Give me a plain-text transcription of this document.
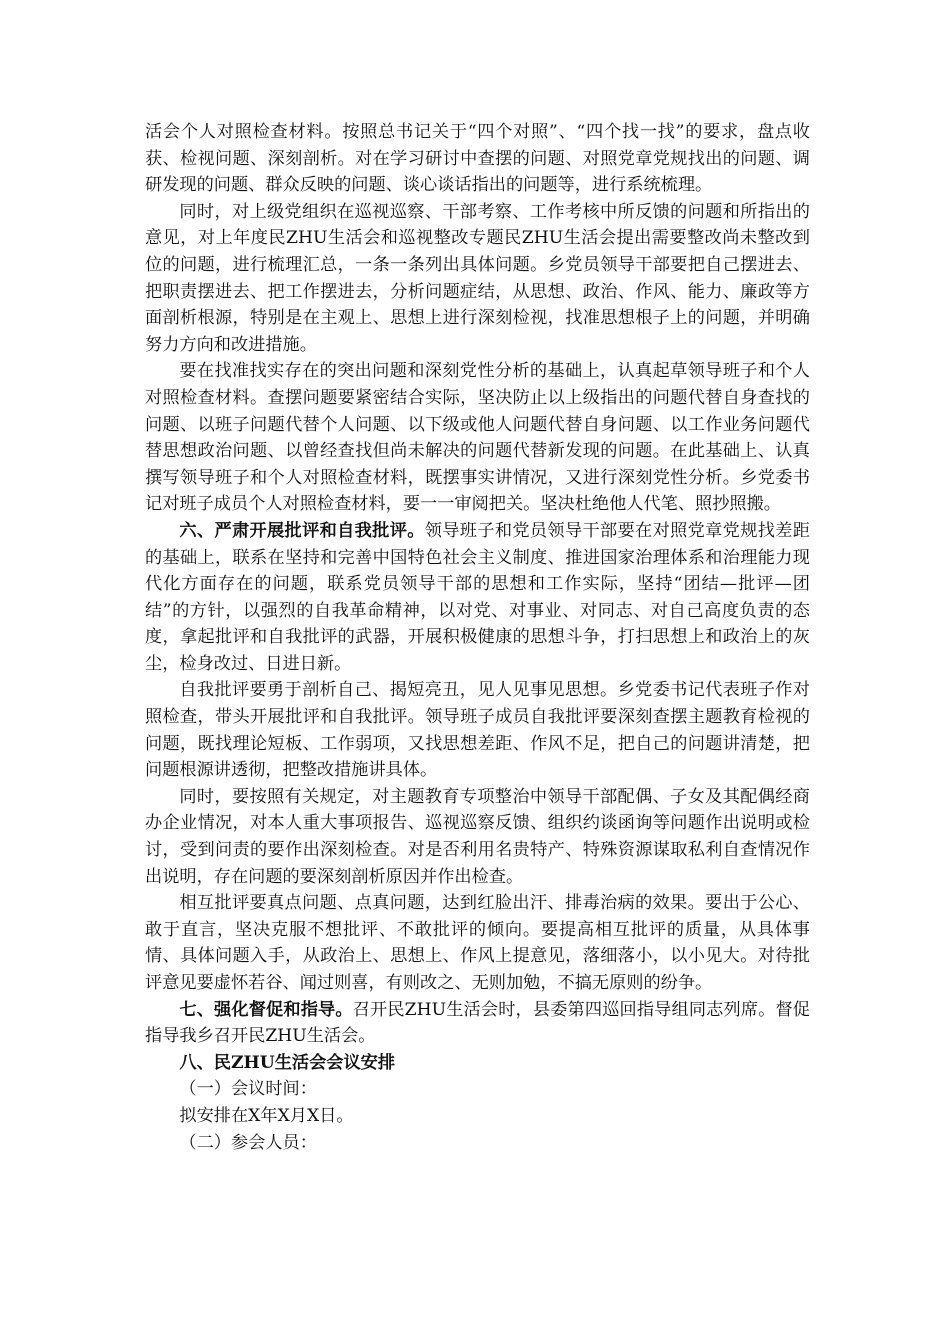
活会个人对照检查材料。按照总书记关于“四个对照”、“四个找一找”的要求，盘点收获、检视问题、深刻剖析。对在学习研讨中查摆的问题、对照党章党规找出的问题、调研发现的问题、群众反映的问题、谈心谈话指出的问题等，进行系统梳理。

同时，对上级党组织在巡视巡察、干部考察、工作考核中所反馈的问题和所指出的意见，对上年度民ZHU生活会和巡视整改专题民ZHU生活会提出需要整改尚未整改到位的问题，进行梳理汇总，一条一条列出具体问题。乡党员领导干部要把自己摆进去、把职责摆进去、把工作摆进去，分析问题症结，从思想、政治、作风、能力、廉政等方面剖析根源，特别是在主观上、思想上进行深刻检视，找准思想根子上的问题，并明确努力方向和改进措施。

要在找准找实存在的突出问题和深刻党性分析的基础上，认真起草领导班子和个人对照检查材料。查摆问题要紧密结合实际，坚决防止以上级指出的问题代替自身查找的问题、以班子问题代替个人问题、以下级或他人问题代替自身问题、以工作业务问题代替思想政治问题、以曾经查找但尚未解决的问题代替新发现的问题。在此基础上、认真撰写领导班子和个人对照检查材料，既摆事实讲情况，又进行深刻党性分析。乡党委书记对班子成员个人对照检查材料，要一一审阅把关。坚决杜绝他人代笔、照抄照搬。

六、严肃开展批评和自我批评。领导班子和党员领导干部要在对照党章党规找差距的基础上，联系在坚持和完善中国特色社会主义制度、推进国家治理体系和治理能力现代化方面存在的问题，联系党员领导干部的思想和工作实际，坚持“团结—批评—团结”的方针，以强烈的自我革命精神，以对党、对事业、对同志、对自己高度负责的态度，拿起批评和自我批评的武器，开展积极健康的思想斗争，打扫思想上和政治上的灰尘，检身改过、日进日新。

自我批评要勇于剖析自己、揭短亮丑，见人见事见思想。乡党委书记代表班子作对照检查，带头开展批评和自我批评。领导班子成员自我批评要深刻查摆主题教育检视的问题，既找理论短板、工作弱项，又找思想差距、作风不足，把自己的问题讲清楚，把问题根源讲透彻，把整改措施讲具体。

同时，要按照有关规定，对主题教育专项整治中领导干部配偶、子女及其配偶经商办企业情况，对本人重大事项报告、巡视巡察反馈、组织约谈函询等问题作出说明或检讨，受到问责的要作出深刻检查。对是否利用名贵特产、特殊资源谋取私利自查情况作出说明，存在问题的要深刻剖析原因并作出检查。

相互批评要真点问题、点真问题，达到红脸出汗、排毒治病的效果。要出于公心、敢于直言，坚决克服不想批评、不敢批评的倾向。要提高相互批评的质量，从具体事情、具体问题入手，从政治上、思想上、作风上提意见，落细落小，以小见大。对待批评意见要虚怀若谷、闻过则喜，有则改之、无则加勉，不搞无原则的纷争。

七、强化督促和指导。召开民ZHU生活会时，县委第四巡回指导组同志列席。督促指导我乡召开民ZHU生活会。

八、民ZHU生活会会议安排

（一）会议时间：

拟安排在X年X月X日。

（二）参会人员：
